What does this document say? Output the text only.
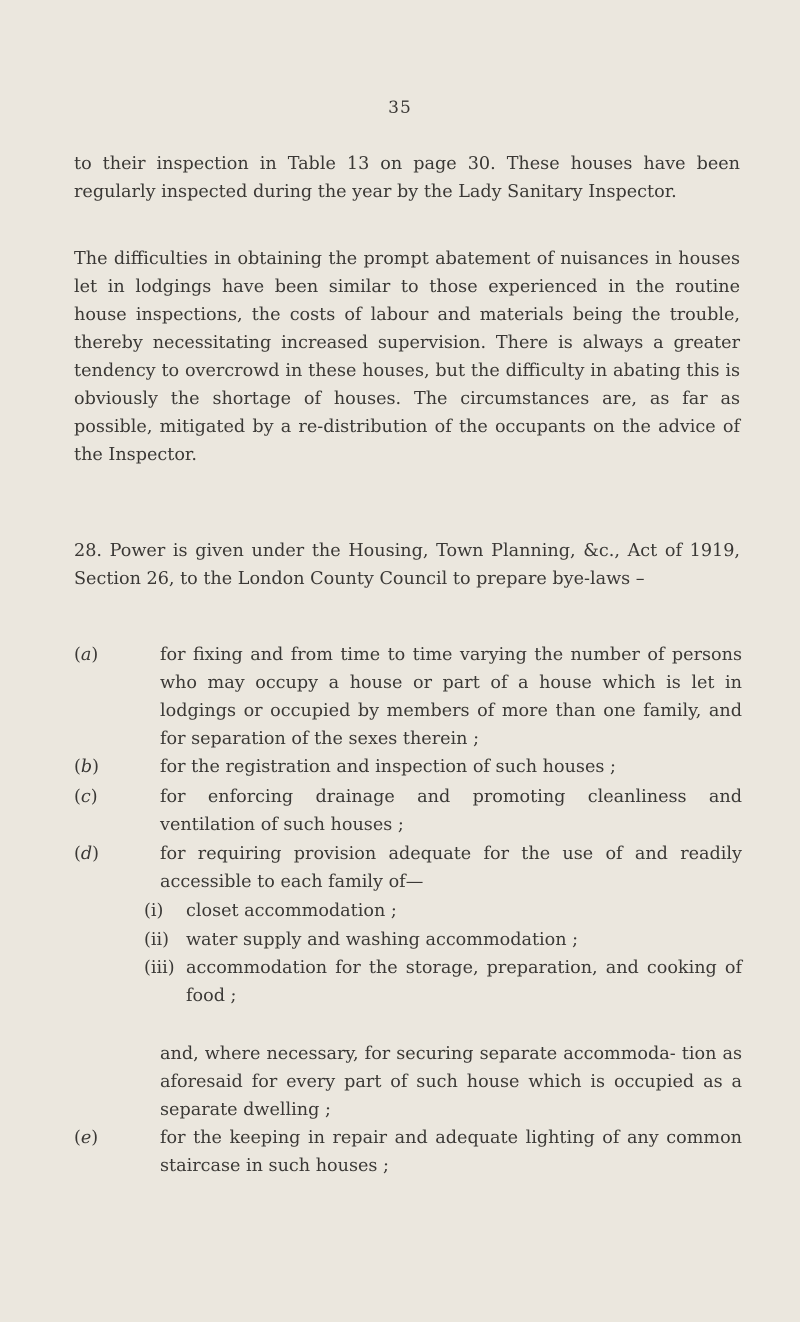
35
to their inspection in Table 13 on page 30. These houses have been regularly inspected during the year by the Lady Sanitary Inspector.
The difficulties in obtaining the prompt abatement of nuisances in houses let in lodgings have been similar to those experienced in the routine house inspections, the costs of labour and materials being the trouble, thereby necessitating increased supervision. There is always a greater tendency to overcrowd in these houses, but the difficulty in abating this is obviously the shortage of houses. The circumstances are, as far as possible, mitigated by a re-distribution of the occupants on the advice of the Inspector.
28. Power is given under the Housing, Town Planning, &c., Act of 1919, Section 26, to the London County Council to prepare bye-laws –
(a)	for fixing and from time to time varying the number of persons who may occupy a house or part of a house which is let in lodgings or occupied by members of more than one family, and for separation of the sexes therein ;
(b)	for the registration and inspection of such houses ;
(c)	for enforcing drainage and promoting cleanliness and ventilation of such houses ;
(d)	for requiring provision adequate for the use of and readily accessible to each family of—
(i)	closet accommodation ;
(ii) water supply and washing accommodation ;
(iii) accommodation for the storage, preparation, and cooking of food ;
and, where necessary, for securing separate accommoda- tion as aforesaid for every part of such house which is occupied as a separate dwelling ;
(e)	for the keeping in repair and adequate lighting of any common staircase in such houses ;
